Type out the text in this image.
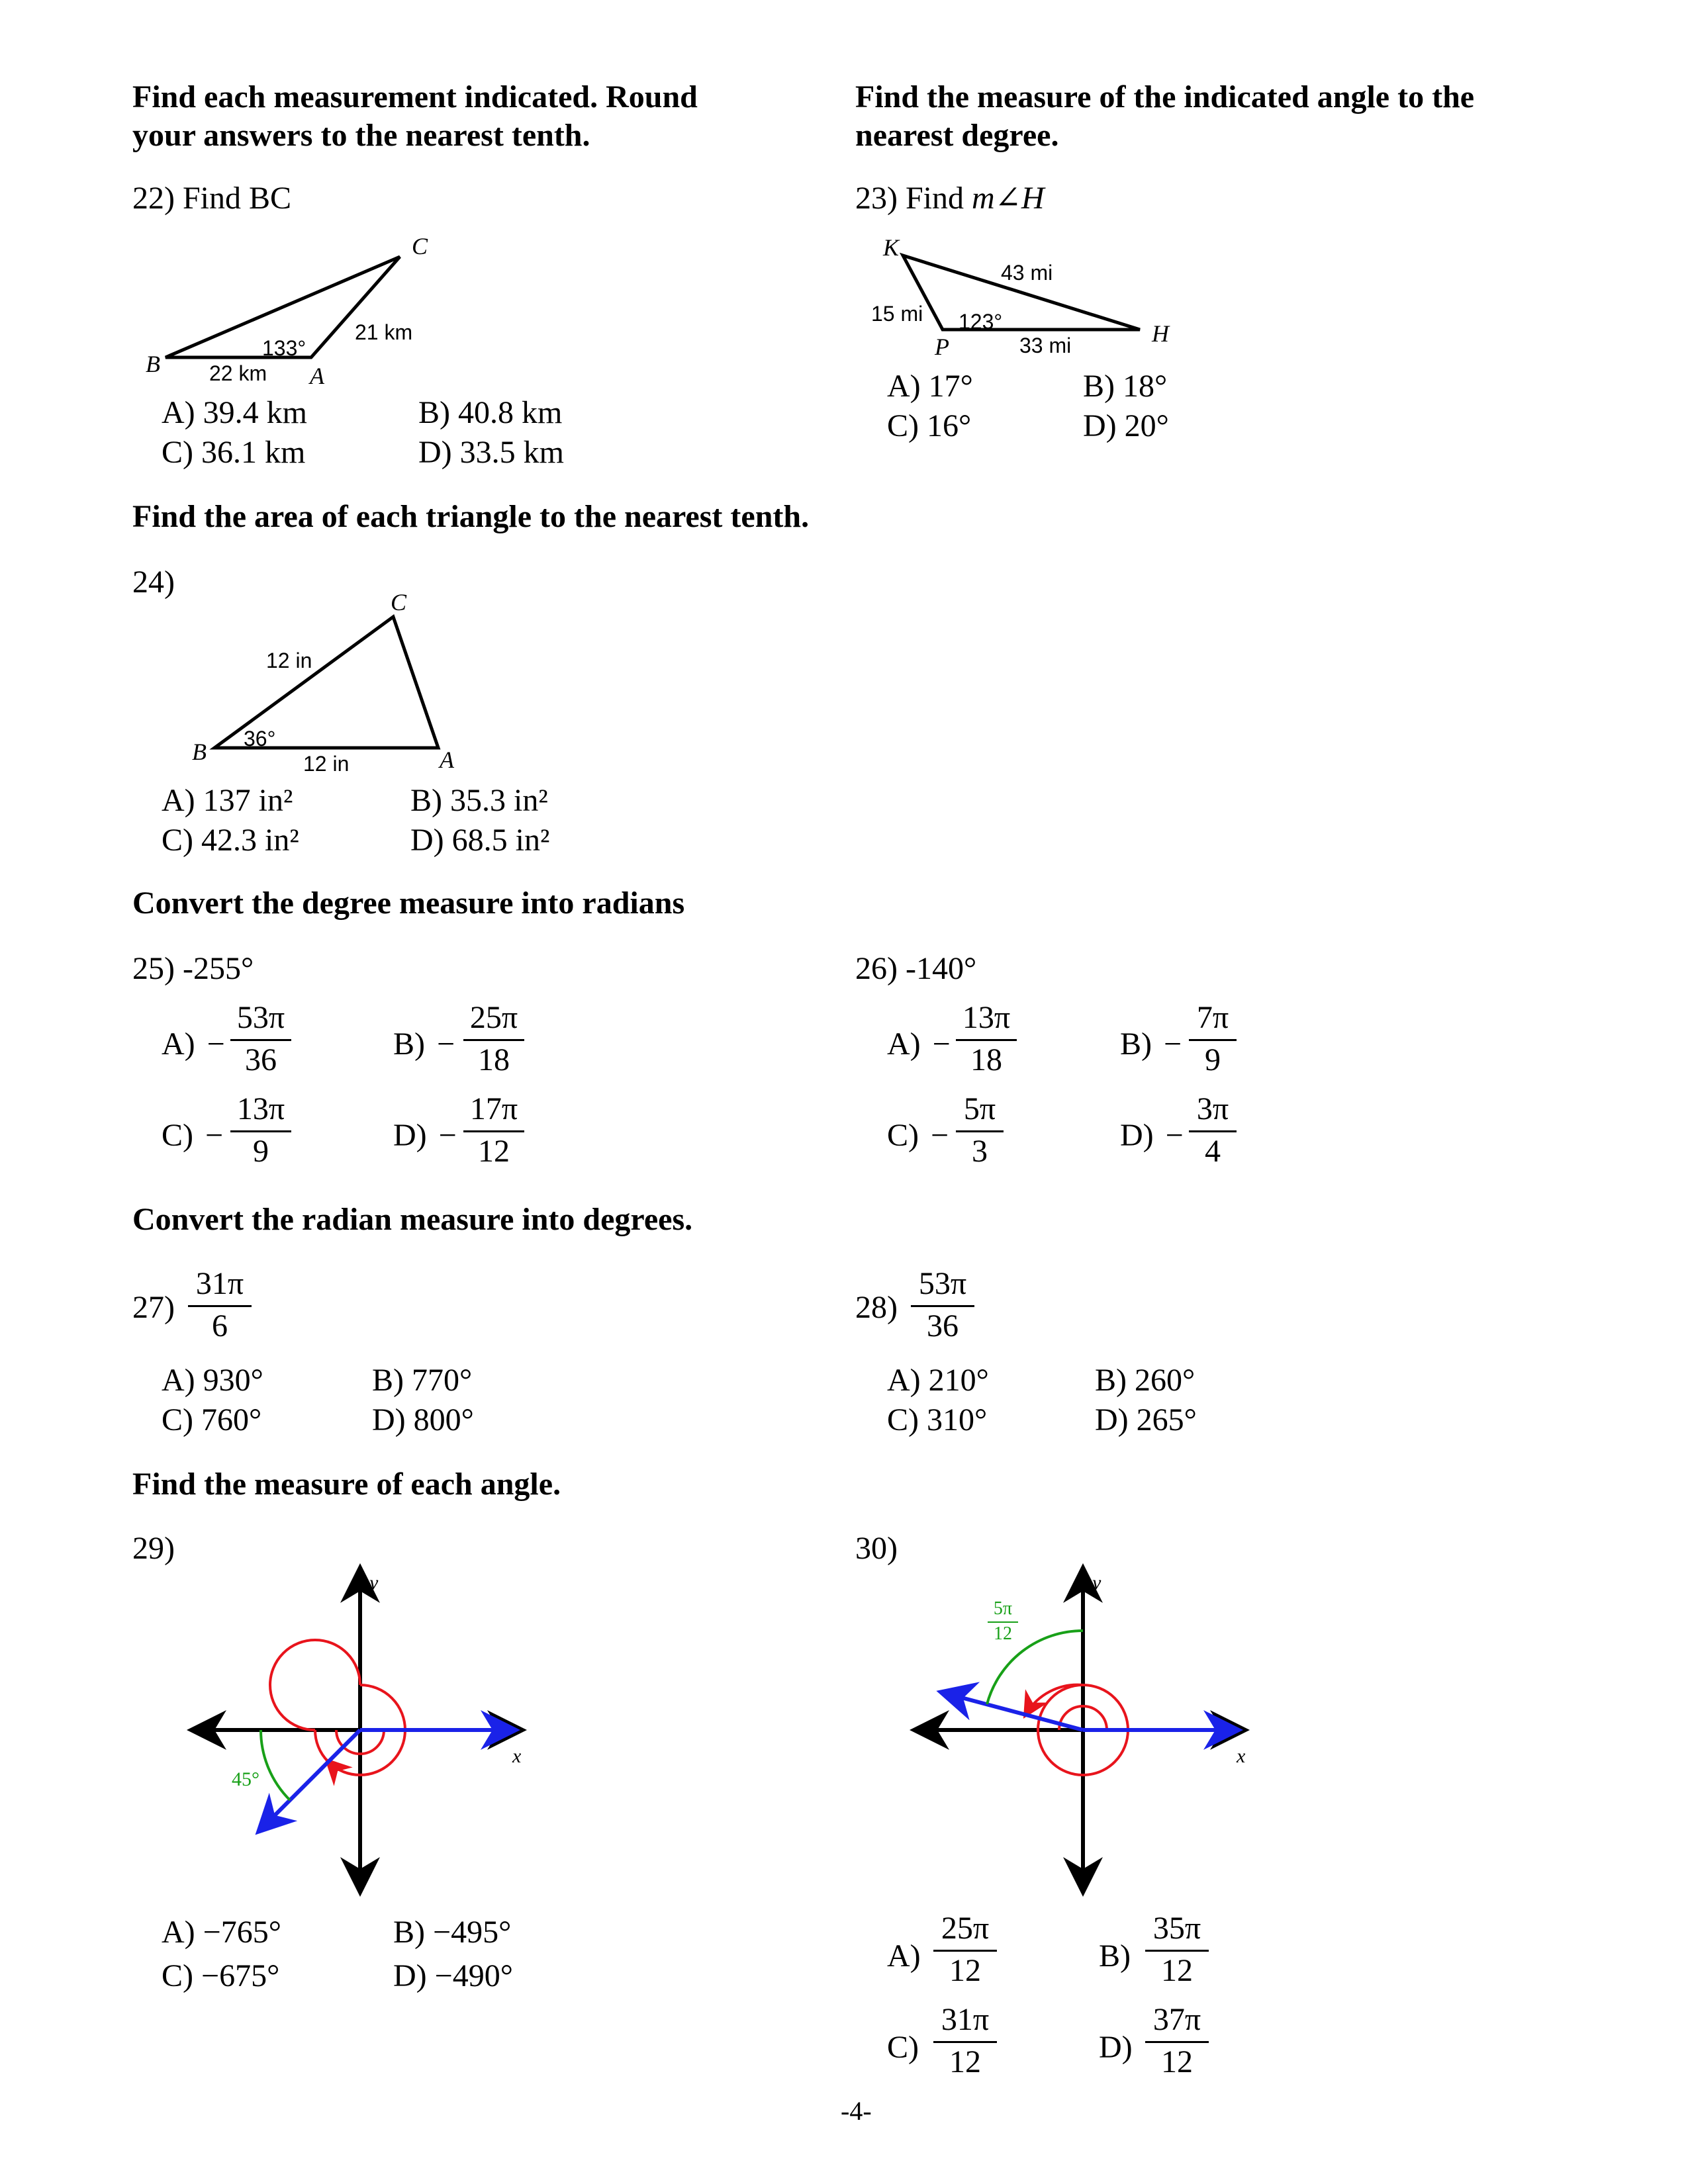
Find each measurement indicated. Round
your answers to the nearest tenth.
Find the measure of the indicated angle to the
nearest degree.
22) Find BC
B	A
C
21 km
22 km
133°
A) 39.4 km	B) 40.8 km
C) 36.1 km	D) 33.5 km
23) Find m∠H
K
P	H
43 mi
15 mi
33 mi
123°
A) 17°	B) 18°
C) 16°	D) 20°
Find the area of each triangle to the nearest tenth.
24)
B	A
C
12 in
12 in
36°
A) 137 in²	B) 35.3 in²
C) 42.3 in²	D) 68.5 in²
Convert the degree measure into radians
25) -255°	26) -140°
A) −
53π
36	B) −
25π
18
C) −
13π
9	D) −
17π
12
A) −
13π
18	B) −
7π
9
C) −
5π
3	D) −
3π
4
Convert the radian measure into degrees.
27)
31π
6
A) 930°	B) 770°
C) 760°	D) 800°
28)
53π
36
A) 210°	B) 260°
C) 310°	D) 265°
Find the measure of each angle.
29)
y
x
45°
A) −765°	B) −495°
C) −675°	D) −490°
30)
y
x
5π
12
A)
25π
12	B)
35π
12
C)
31π
12	D)
37π
12
-4-
